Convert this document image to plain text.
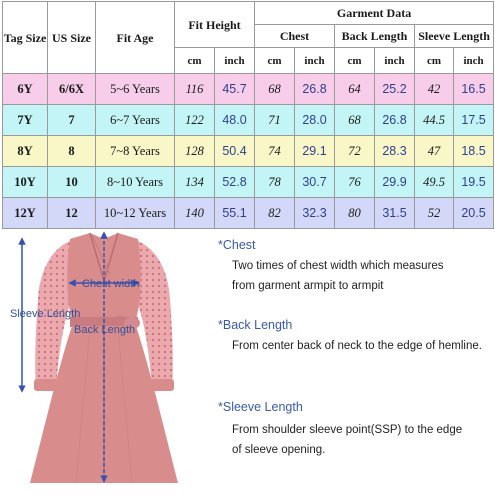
Tag Size	US Size	Fit Age	Fit Height		Garment Data					
					Chest		Back Length		Sleeve Length	
			cm	inch	cm	inch	cm	inch	cm	inch
6Y	6/6X	5~6 Years	116	45.7	68	26.8	64	25.2	42	16.5
7Y	7	6~7 Years	122	48.0	71	28.0	68	26.8	44.5	17.5
8Y	8	7~8 Years	128	50.4	74	29.1	72	28.3	47	18.5
10Y	10	8~10 Years	134	52.8	78	30.7	76	29.9	49.5	19.5
12Y	12	10~12 Years	140	55.1	82	32.3	80	31.5	52	20.5
Chest width
Sleeve Length
Back Length
*Chest
Two times of chest width which measures
from garment armpit to armpit
*Back Length
From center back of neck to the edge of hemline.
*Sleeve Length
From shoulder sleeve point(SSP) to the edge
of sleeve opening.
